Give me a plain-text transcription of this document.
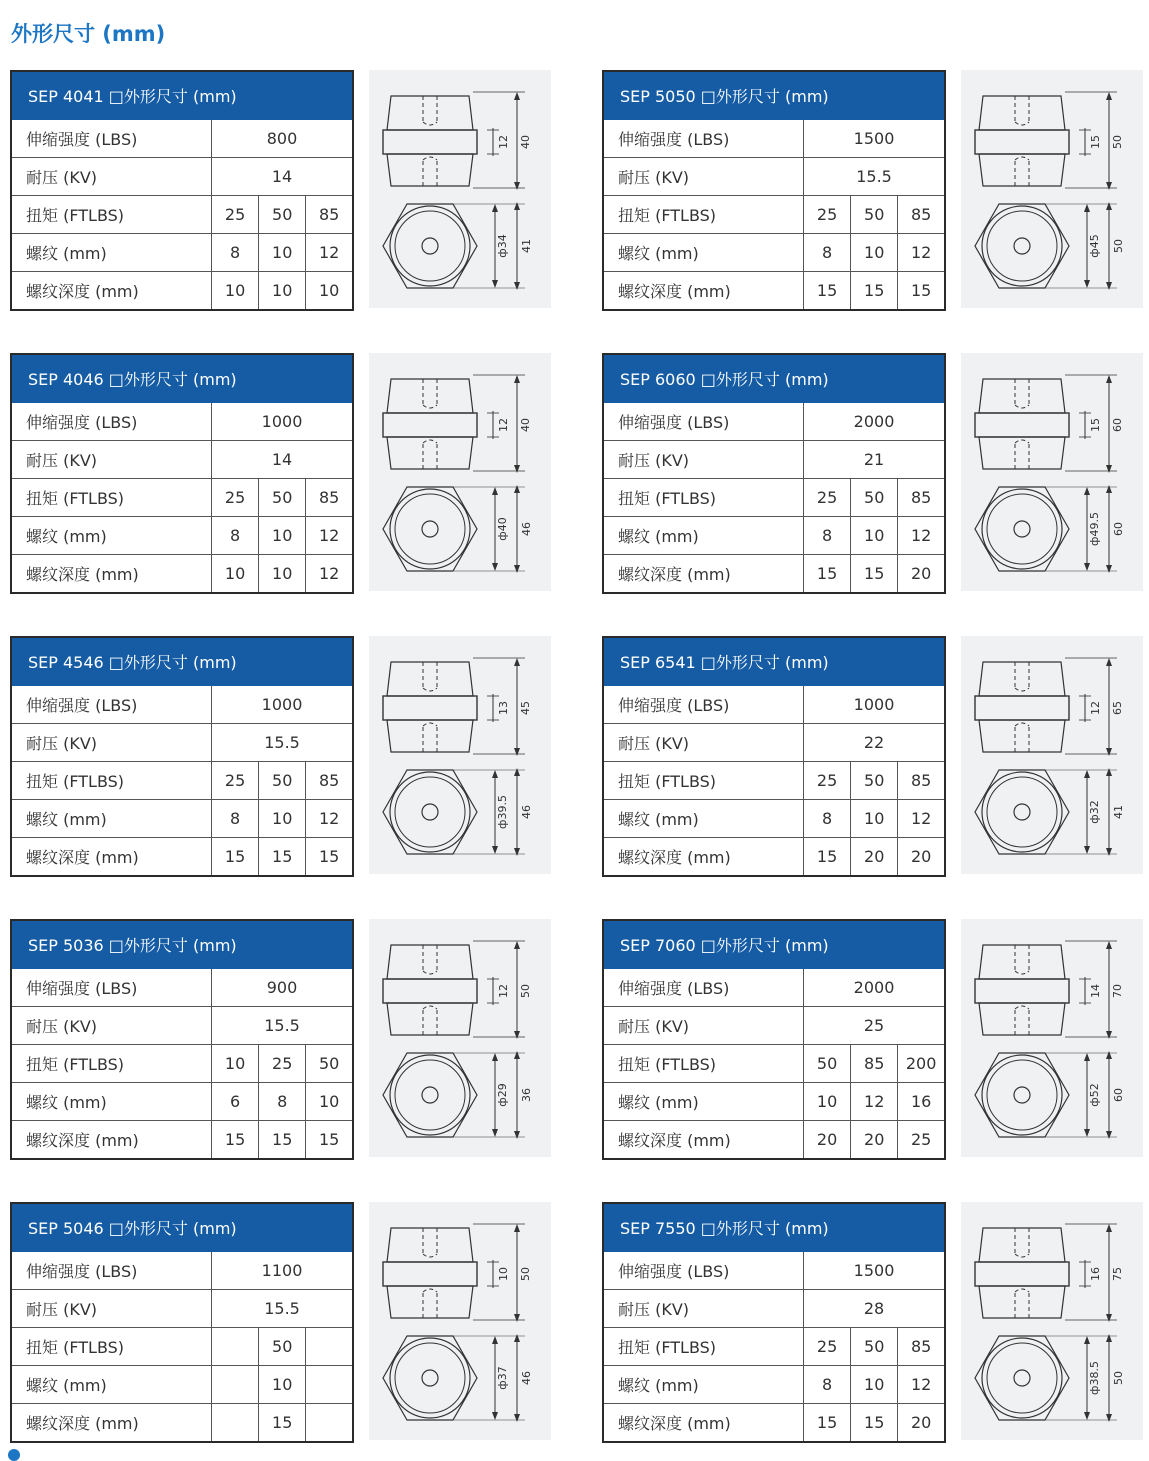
外形尺寸 (mm)
SEP 4041 □外形尺寸 (mm)			
伸缩强度 (LBS)	800		
耐压 (KV)	14		
扭矩 (FTLBS)	25	50	85
螺纹 (mm)	8	10	12
螺纹深度 (mm)	10	10	10
12 40
ф34 41
SEP 5050 □外形尺寸 (mm)			
伸缩强度 (LBS)	1500		
耐压 (KV)	15.5		
扭矩 (FTLBS)	25	50	85
螺纹 (mm)	8	10	12
螺纹深度 (mm)	15	15	15
15 50
ф45 50
SEP 4046 □外形尺寸 (mm)			
伸缩强度 (LBS)	1000		
耐压 (KV)	14		
扭矩 (FTLBS)	25	50	85
螺纹 (mm)	8	10	12
螺纹深度 (mm)	10	10	12
12 40
ф40 46
SEP 6060 □外形尺寸 (mm)			
伸缩强度 (LBS)	2000		
耐压 (KV)	21		
扭矩 (FTLBS)	25	50	85
螺纹 (mm)	8	10	12
螺纹深度 (mm)	15	15	20
15 60
ф49.5 60
SEP 4546 □外形尺寸 (mm)			
伸缩强度 (LBS)	1000		
耐压 (KV)	15.5		
扭矩 (FTLBS)	25	50	85
螺纹 (mm)	8	10	12
螺纹深度 (mm)	15	15	15
13 45
ф39.5 46
SEP 6541 □外形尺寸 (mm)			
伸缩强度 (LBS)	1000		
耐压 (KV)	22		
扭矩 (FTLBS)	25	50	85
螺纹 (mm)	8	10	12
螺纹深度 (mm)	15	20	20
12 65
ф32 41
SEP 5036 □外形尺寸 (mm)			
伸缩强度 (LBS)	900		
耐压 (KV)	15.5		
扭矩 (FTLBS)	10	25	50
螺纹 (mm)	6	8	10
螺纹深度 (mm)	15	15	15
12 50
ф29 36
SEP 7060 □外形尺寸 (mm)			
伸缩强度 (LBS)	2000		
耐压 (KV)	25		
扭矩 (FTLBS)	50	85	200
螺纹 (mm)	10	12	16
螺纹深度 (mm)	20	20	25
14 70
ф52 60
SEP 5046 □外形尺寸 (mm)			
伸缩强度 (LBS)	1100		
耐压 (KV)	15.5		
扭矩 (FTLBS)		50	
螺纹 (mm)		10	
螺纹深度 (mm)		15	
10 50
ф37 46
SEP 7550 □外形尺寸 (mm)			
伸缩强度 (LBS)	1500		
耐压 (KV)	28		
扭矩 (FTLBS)	25	50	85
螺纹 (mm)	8	10	12
螺纹深度 (mm)	15	15	20
16 75
ф38.5 50
